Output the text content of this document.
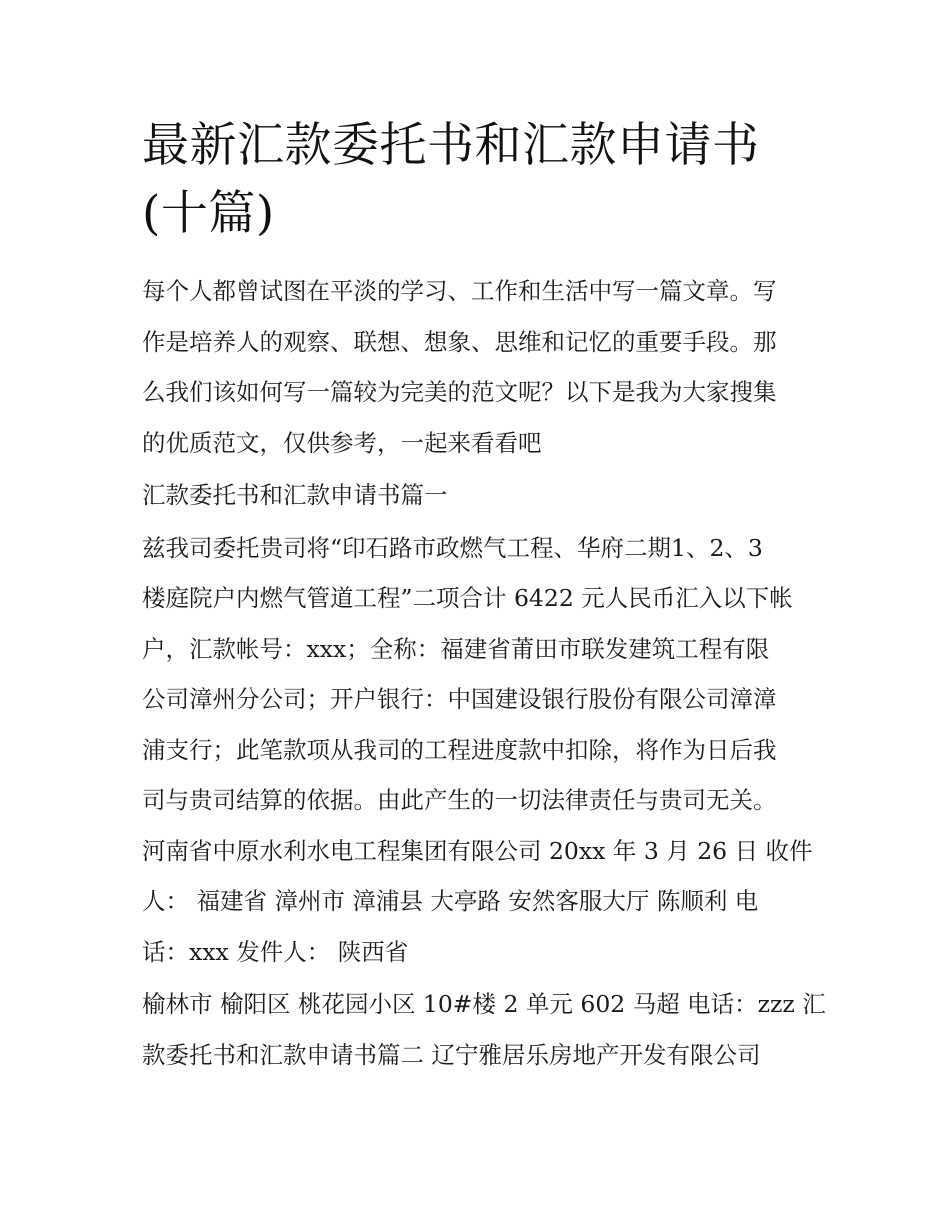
最新汇款委托书和汇款申请书
(十篇)

每个人都曾试图在平淡的学习、工作和生活中写一篇文章。写
作是培养人的观察、联想、想象、思维和记忆的重要手段。那
么我们该如何写一篇较为完美的范文呢？以下是我为大家搜集
的优质范文，仅供参考，一起来看看吧

汇款委托书和汇款申请书篇一

兹我司委托贵司将“印石路市政燃气工程、华府二期1、2、3
楼庭院户内燃气管道工程”二项合计 6422 元人民币汇入以下帐
户，汇款帐号：xxx；全称：福建省莆田市联发建筑工程有限
公司漳州分公司；开户银行：中国建设银行股份有限公司漳漳
浦支行；此笔款项从我司的工程进度款中扣除，将作为日后我
司与贵司结算的依据。由此产生的一切法律责任与贵司无关。
河南省中原水利水电工程集团有限公司 20xx 年 3 月 26 日 收件
人： 福建省 漳州市 漳浦县 大亭路 安然客服大厅 陈顺利 电
话：xxx 发件人： 陕西省

榆林市 榆阳区 桃花园小区 10#楼 2 单元 602 马超 电话：zzz 汇
款委托书和汇款申请书篇二 辽宁雅居乐房地产开发有限公司
